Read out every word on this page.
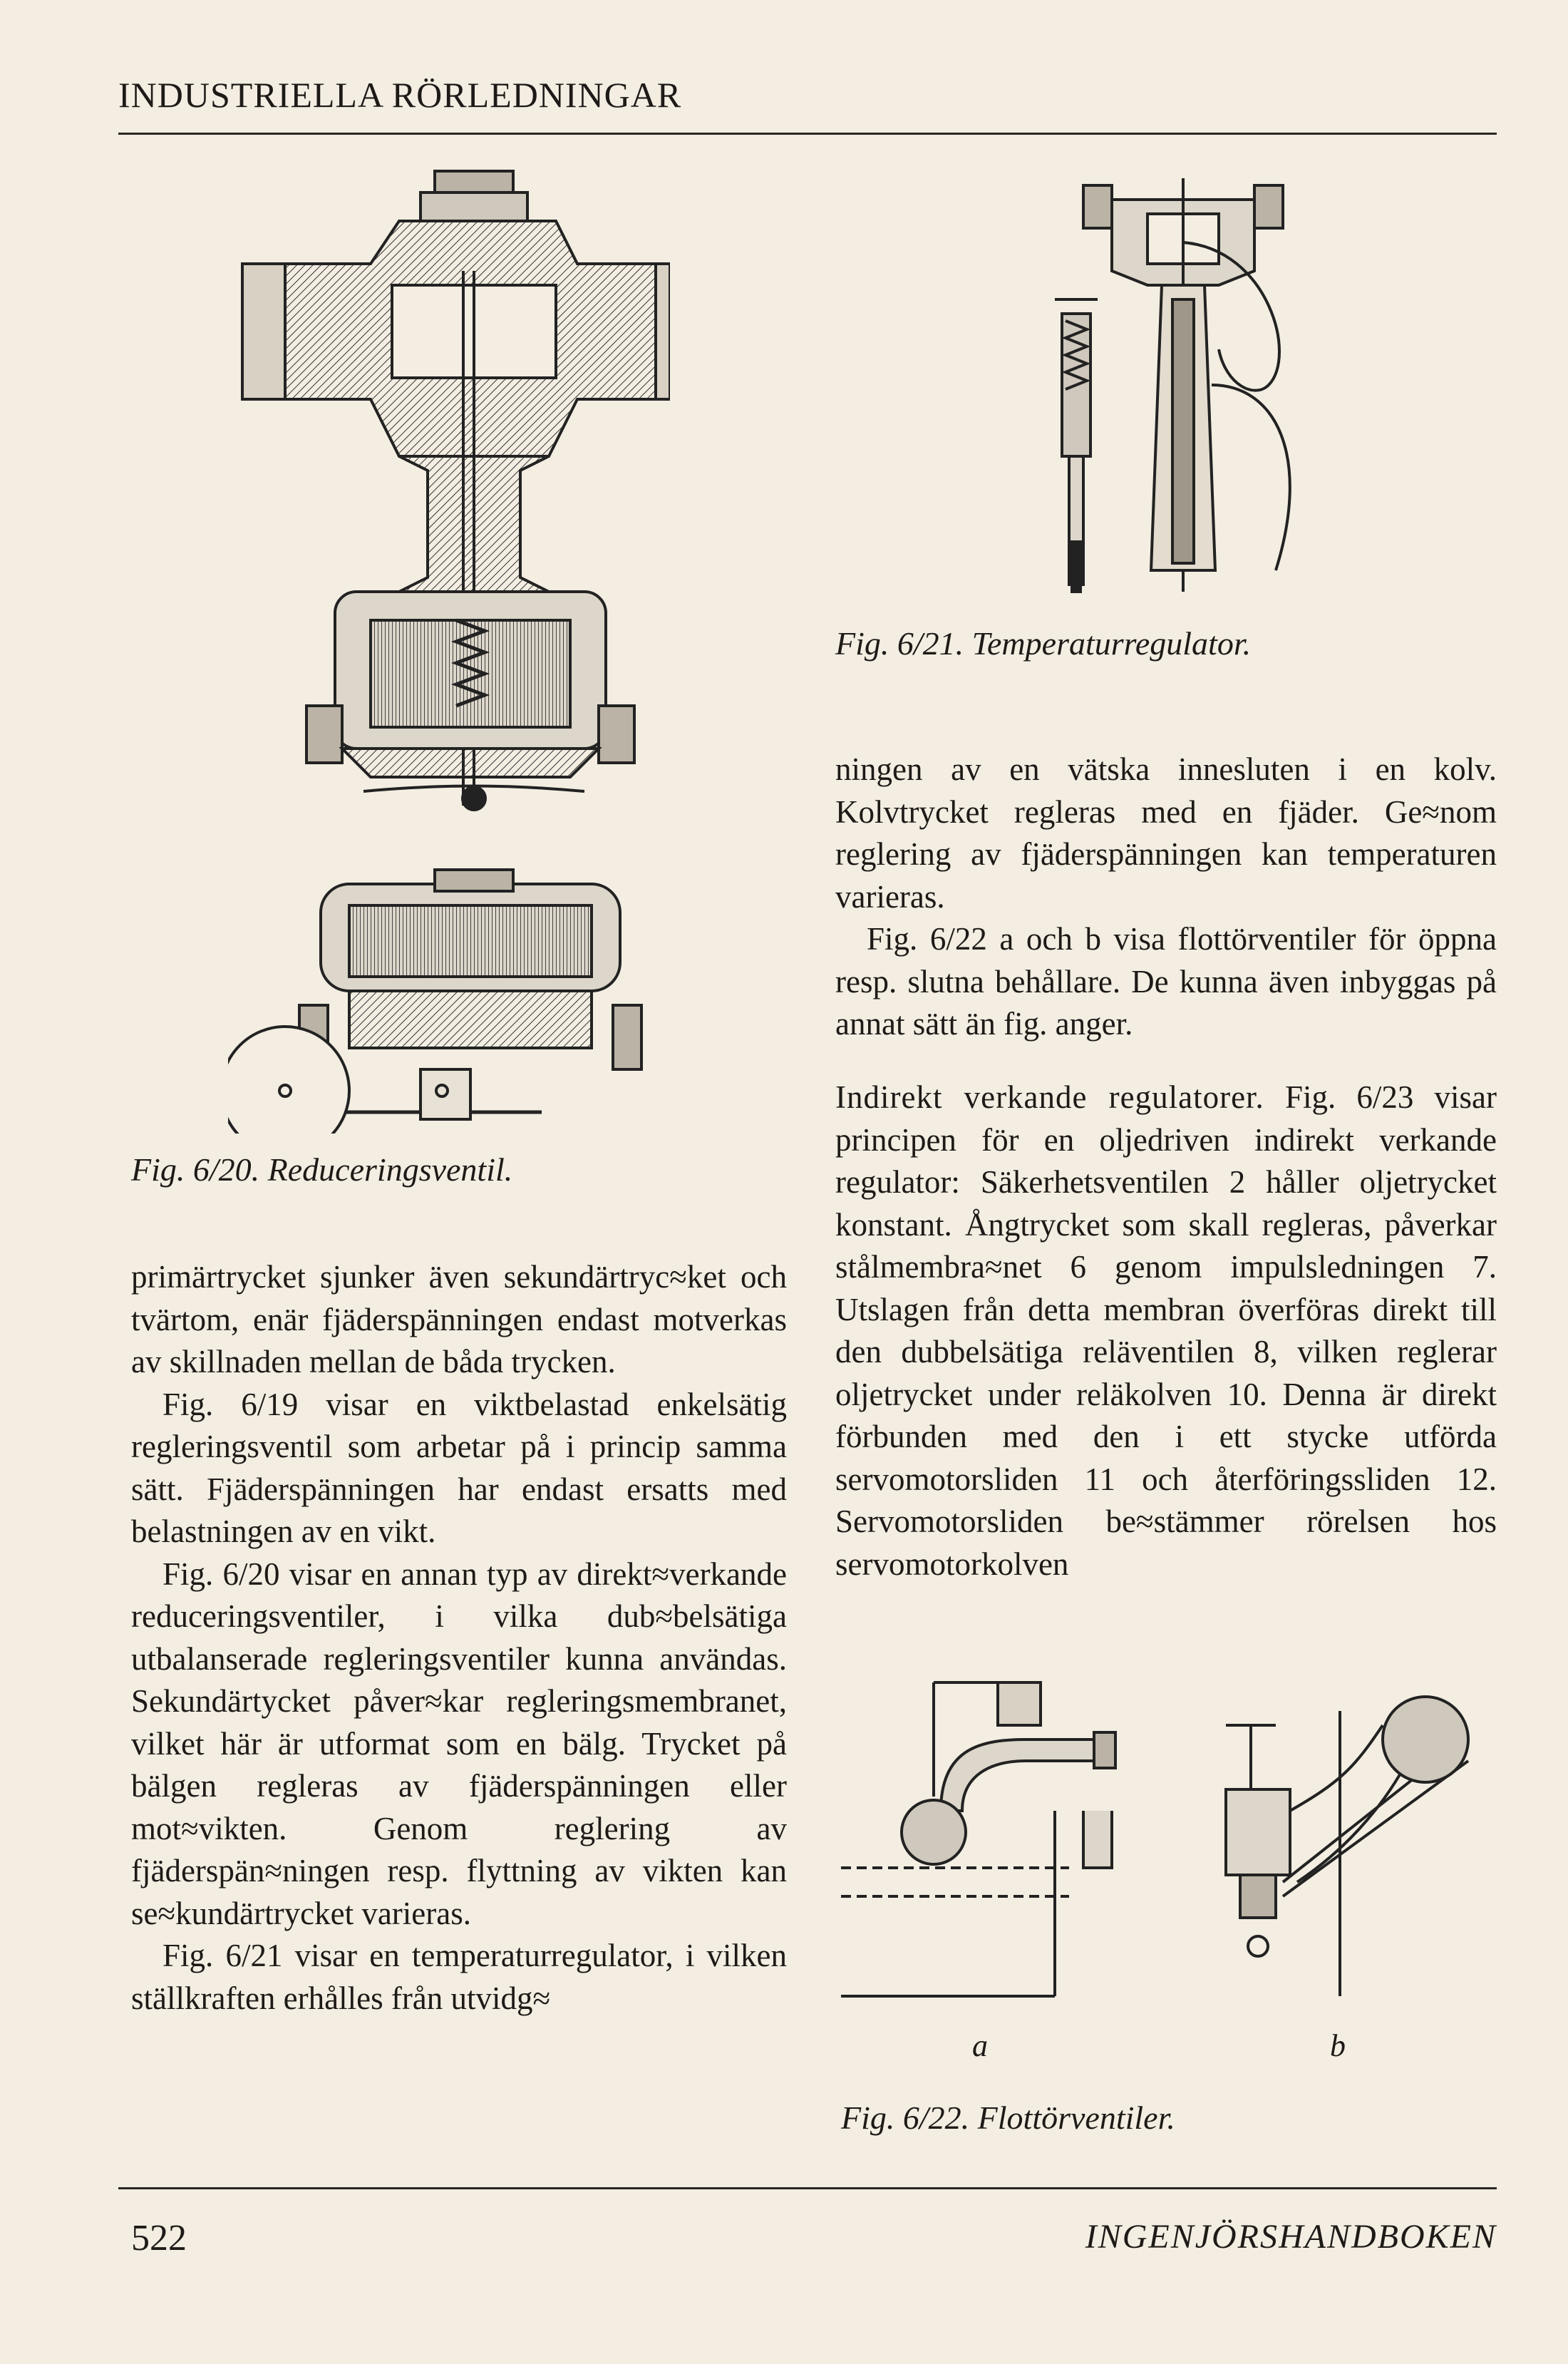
INDUSTRIELLA RÖRLEDNINGAR
Fig. 6/20. Reduceringsventil.
Fig. 6/21. Temperaturregulator.

primärtrycket sjunker även sekundärtryc≈ket och tvärtom, enär fjäderspänningen endast motverkas av skillnaden mellan de båda trycken.

Fig. 6/19 visar en viktbelastad enkelsätig regleringsventil som arbetar på i princip samma sätt. Fjäderspänningen har endast ersatts med belastningen av en vikt.

Fig. 6/20 visar en annan typ av direkt≈verkande reduceringsventiler, i vilka dub≈belsätiga utbalanserade regleringsventiler kunna användas. Sekundärtycket påver≈kar regleringsmembranet, vilket här är utformat som en bälg. Trycket på bälgen regleras av fjäderspänningen eller mot≈vikten. Genom reglering av fjäderspän≈ningen resp. flyttning av vikten kan se≈kundärtrycket varieras.

Fig. 6/21 visar en temperaturregulator, i vilken ställkraften erhålles från utvidg≈

ningen av en vätska innesluten i en kolv. Kolvtrycket regleras med en fjäder. Ge≈nom reglering av fjäderspänningen kan temperaturen varieras.

Fig. 6/22 a och b visa flottörventiler för öppna resp. slutna behållare. De kunna även inbyggas på annat sätt än fig. anger.

Indirekt verkande regulatorer. Fig. 6/23 visar principen för en oljedriven indirekt verkande regulator: Säkerhetsventilen 2 håller oljetrycket konstant. Ångtrycket som skall regleras, påverkar stålmembra≈net 6 genom impulsledningen 7. Utslagen från detta membran överföras direkt till den dubbelsätiga reläventilen 8, vilken reglerar oljetrycket under reläkolven 10. Denna är direkt förbunden med den i ett stycke utförda servomotorsliden 11 och återföringssliden 12. Servomotorsliden be≈stämmer rörelsen hos servomotorkolven

a	b
Fig. 6/22. Flottörventiler.
522	INGENJÖRSHANDBOKEN
